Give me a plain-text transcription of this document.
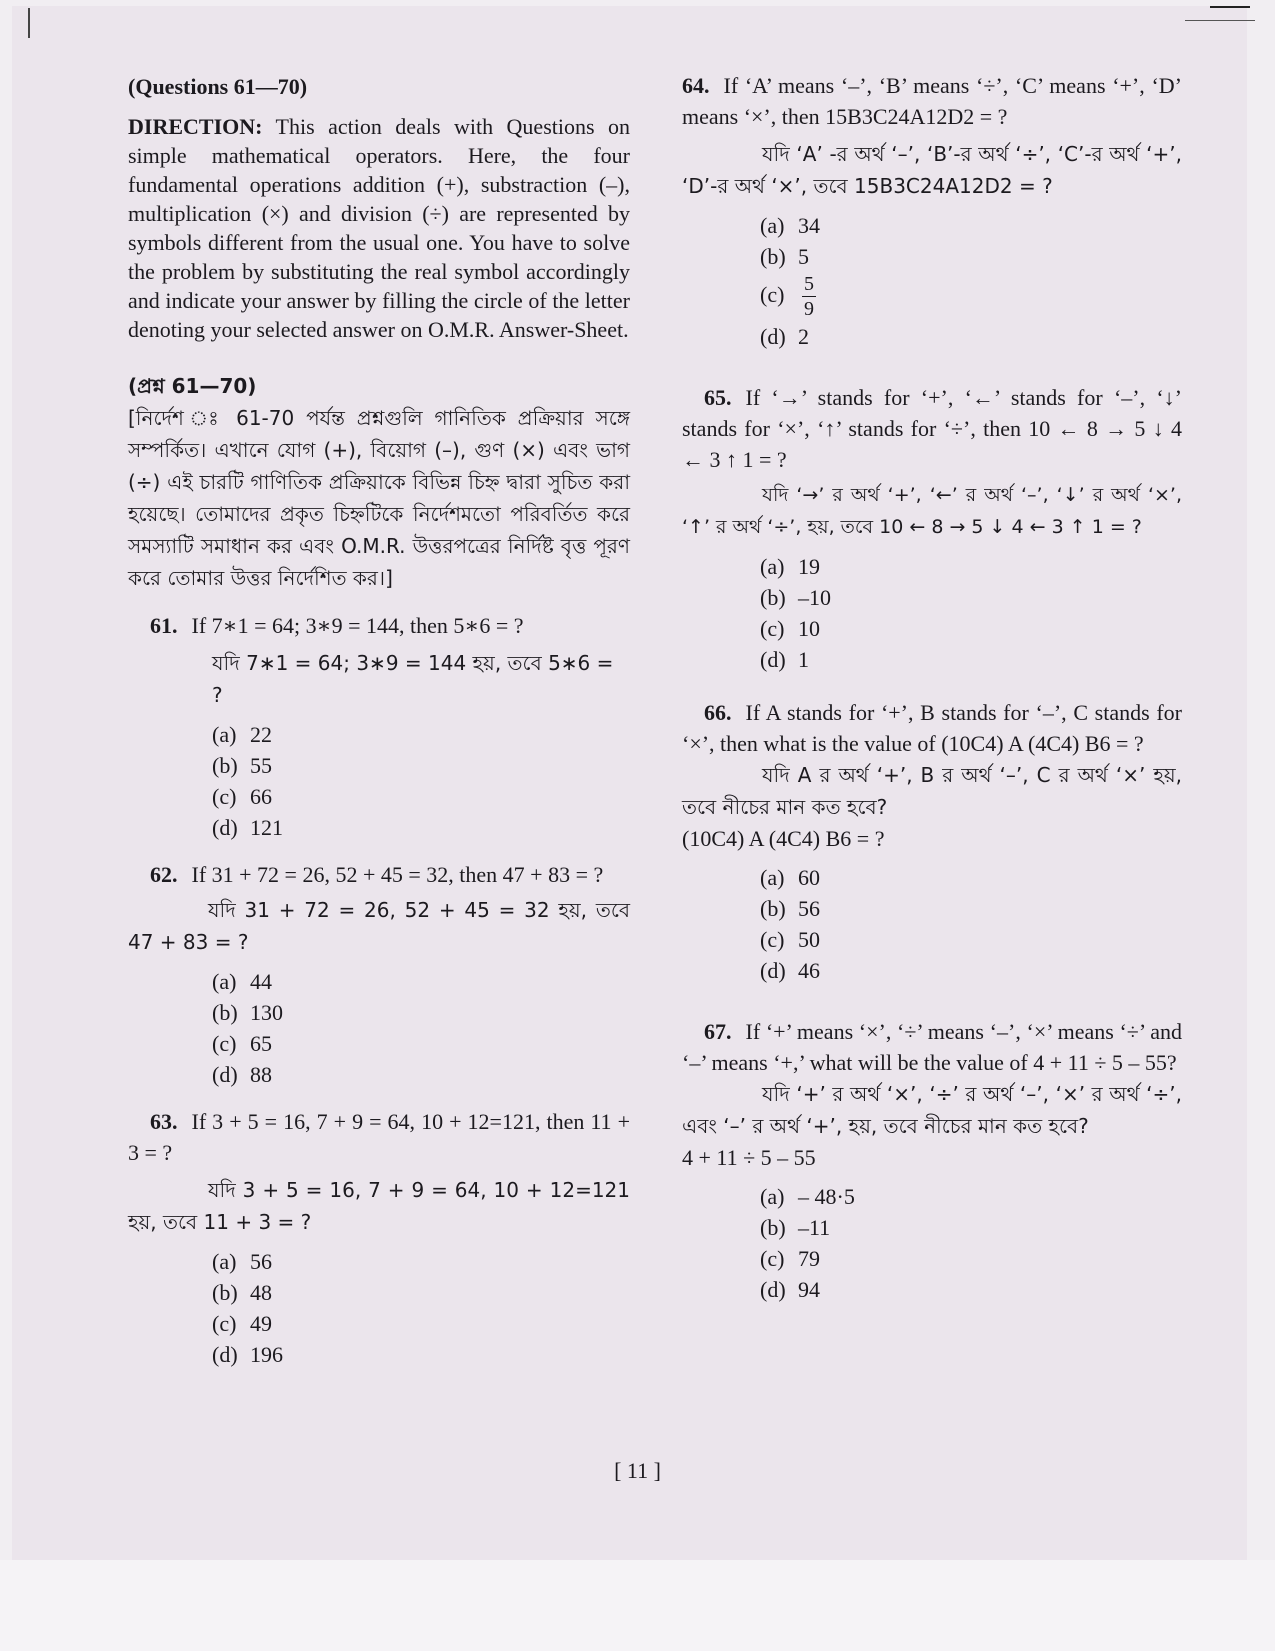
(Questions 61—70)

DIRECTION: This action deals with Questions on simple mathematical operators. Here, the four fundamental operations addition (+), substraction (–), multiplication (×) and division (÷) are represented by symbols different from the usual one. You have to solve the problem by substituting the real symbol accordingly and indicate your answer by filling the circle of the letter denoting your selected answer on O.M.R. Answer-Sheet.

(প্রশ্ন 61—70)

[নির্দেশ ঃ 61-70 পর্যন্ত প্রশ্নগুলি গানিতিক প্রক্রিয়ার সঙ্গে সম্পর্কিত। এখানে যোগ (+), বিয়োগ (–), গুণ (×) এবং ভাগ (÷) এই চারটি গাণিতিক প্রক্রিয়াকে বিভিন্ন চিহ্ন দ্বারা সুচিত করা হয়েছে। তোমাদের প্রকৃত চিহ্নটিকে নির্দেশমতো পরিবর্তিত করে সমস্যাটি সমাধান কর এবং O.M.R. উত্তরপত্রের নির্দিষ্ট বৃত্ত পূরণ করে তোমার উত্তর নির্দেশিত কর।]

61. If 7∗1 = 64; 3∗9 = 144, then 5∗6 = ?

যদি 7∗1 = 64; 3∗9 = 144 হয়, তবে 5∗6 = ?

(a) 22
(b) 55
(c) 66
(d) 121

62. If 31 + 72 = 26, 52 + 45 = 32, then 47 + 83 = ?

যদি 31 + 72 = 26, 52 + 45 = 32 হয়, তবে 47 + 83 = ?

(a) 44
(b) 130
(c) 65
(d) 88

63. If 3 + 5 = 16, 7 + 9 = 64, 10 + 12=121, then 11 + 3 = ?

যদি 3 + 5 = 16, 7 + 9 = 64, 10 + 12=121 হয়, তবে 11 + 3 = ?

(a) 56
(b) 48
(c) 49
(d) 196

64. If ‘A’ means ‘–’, ‘B’ means ‘÷’, ‘C’ means ‘+’, ‘D’ means ‘×’, then 15B3C24A12D2 = ?

যদি ‘A’ -র অর্থ ‘–’, ‘B’-র অর্থ ‘÷’, ‘C’-র অর্থ ‘+’, ‘D’-র অর্থ ‘×’, তবে 15B3C24A12D2 = ?

(a) 34
(b) 5
$(c) \frac{5}{9}$
(d) 2

65. If ‘→’ stands for ‘+’, ‘←’ stands for ‘–’, ‘↓’ stands for ‘×’, ‘↑’ stands for ‘÷’, then 10 ← 8 → 5 ↓ 4 ← 3 ↑ 1 = ?

যদি ‘→’ র অর্থ ‘+’, ‘←’ র অর্থ ‘–’, ‘↓’ র অর্থ ‘×’, ‘↑’ র অর্থ ‘÷’, হয়, তবে 10 ← 8 → 5 ↓ 4 ← 3 ↑ 1 = ?

(a) 19
(b) –10
(c) 10
(d) 1

66. If A stands for ‘+’, B stands for ‘–’, C stands for ‘×’, then what is the value of (10C4) A (4C4) B6 = ?

যদি A র অর্থ ‘+’, B র অর্থ ‘–’, C র অর্থ ‘×’ হয়, তবে নীচের মান কত হবে?

(10C4) A (4C4) B6 = ?

(a) 60
(b) 56
(c) 50
(d) 46

67. If ‘+’ means ‘×’, ‘÷’ means ‘–’, ‘×’ means ‘÷’ and ‘–’ means ‘+,’ what will be the value of 4 + 11 ÷ 5 – 55?

যদি ‘+’ র অর্থ ‘×’, ‘÷’ র অর্থ ‘–’, ‘×’ র অর্থ ‘÷’, এবং ‘–’ র অর্থ ‘+’, হয়, তবে নীচের মান কত হবে?

4 + 11 ÷ 5 – 55

(a) – 48·5
(b) –11
(c) 79
(d) 94
[ 11 ]
